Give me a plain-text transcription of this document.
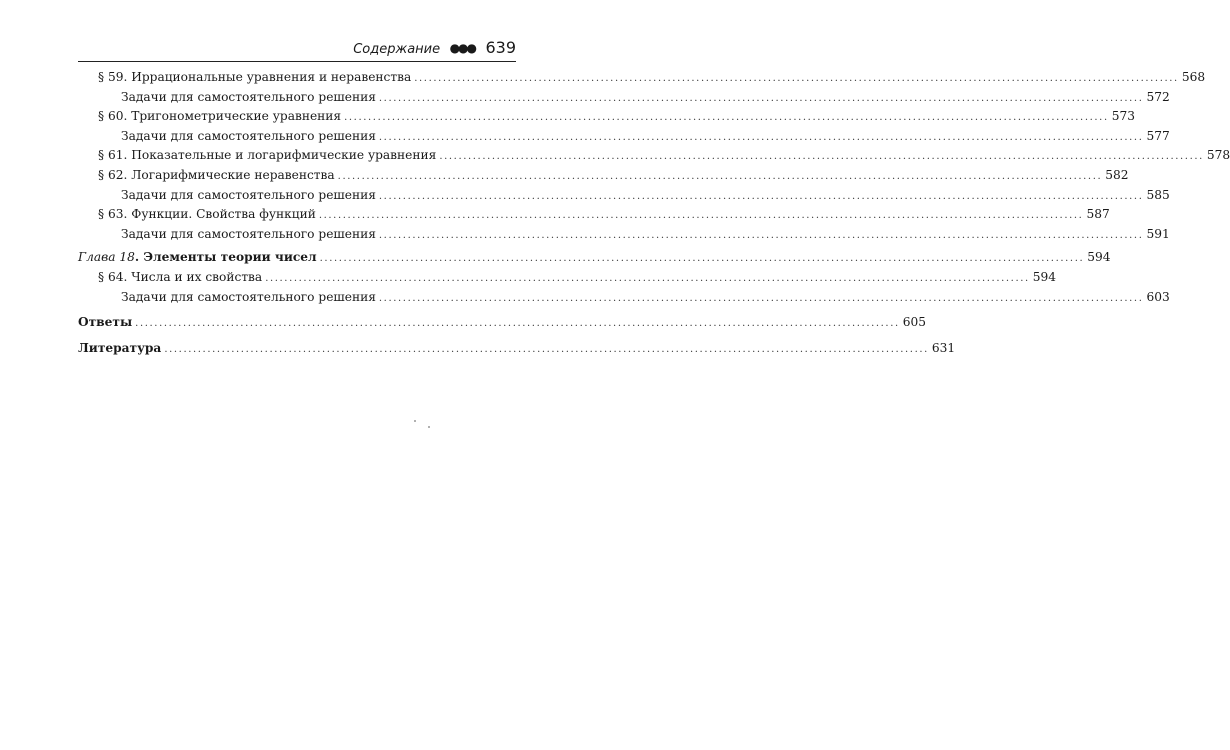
Содержание ●●● 639
§ 59. Иррациональные уравнения и неравенства ................................................................................................................................................................ 568
Задачи для самостоятельного решения ................................................................................................................................................................ 572
§ 60. Тригонометрические уравнения ................................................................................................................................................................ 573
Задачи для самостоятельного решения ................................................................................................................................................................ 577
§ 61. Показательные и логарифмические уравнения ................................................................................................................................................................ 578
§ 62. Логарифмические неравенства ................................................................................................................................................................ 582
Задачи для самостоятельного решения ................................................................................................................................................................ 585
§ 63. Функции. Свойства функций ................................................................................................................................................................ 587
Задачи для самостоятельного решения ................................................................................................................................................................ 591
Глава 18. Элементы теории чисел ................................................................................................................................................................ 594
§ 64. Числа и их свойства ................................................................................................................................................................ 594
Задачи для самостоятельного решения ................................................................................................................................................................ 603
Ответы ................................................................................................................................................................ 605
Литература ................................................................................................................................................................ 631
